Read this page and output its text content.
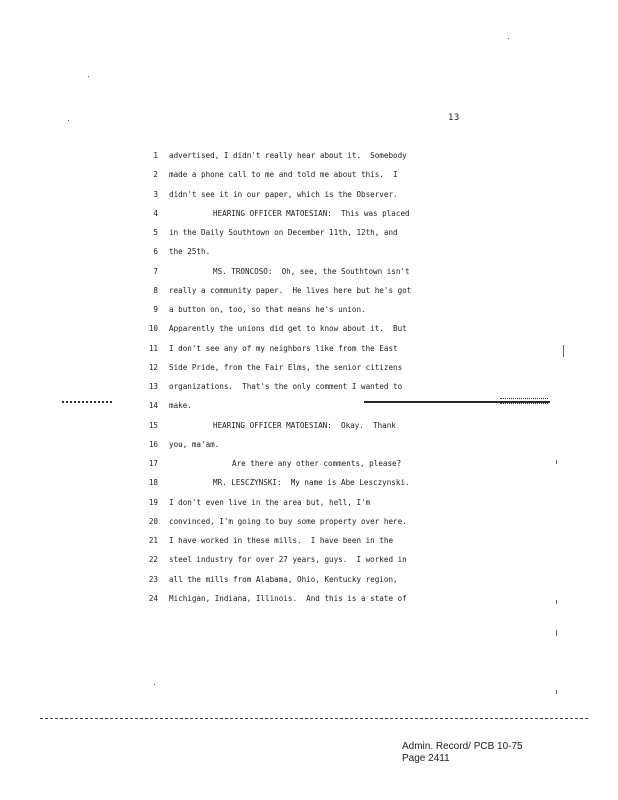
13
1 advertised, I didn't really hear about it.  Somebody
2 made a phone call to me and told me about this.  I
3 didn't see it in our paper, which is the Observer.
4	HEARING OFFICER MATOESIAN:  This was placed
5 in the Daily Southtown on December 11th, 12th, and
6 the 25th.
7	MS. TRONCOSO:  Oh, see, the Southtown isn't
8 really a community paper.  He lives here but he's got
9 a button on, too, so that means he's union.
10 Apparently the unions did get to know about it.  But
11 I don't see any of my neighbors like from the East
12 Side Pride, from the Fair Elms, the senior citizens
13 organizations.  That's the only comment I wanted to
14 make.
15	HEARING OFFICER MATOESIAN:  Okay.  Thank
16 you, ma'am.
17	Are there any other comments, please?
18	MR. LESCZYNSKI:  My name is Abe Lesczynski.
19 I don't even live in the area but, hell, I'm
20 convinced, I'm going to buy some property over here.
21 I have worked in these mills.  I have been in the
22 steel industry for over 27 years, guys.  I worked in
23 all the mills from Alabama, Ohio, Kentucky region,
24 Michigan, Indiana, Illinois.  And this is a state of
Admin. Record/ PCB 10-75
Page 2411
